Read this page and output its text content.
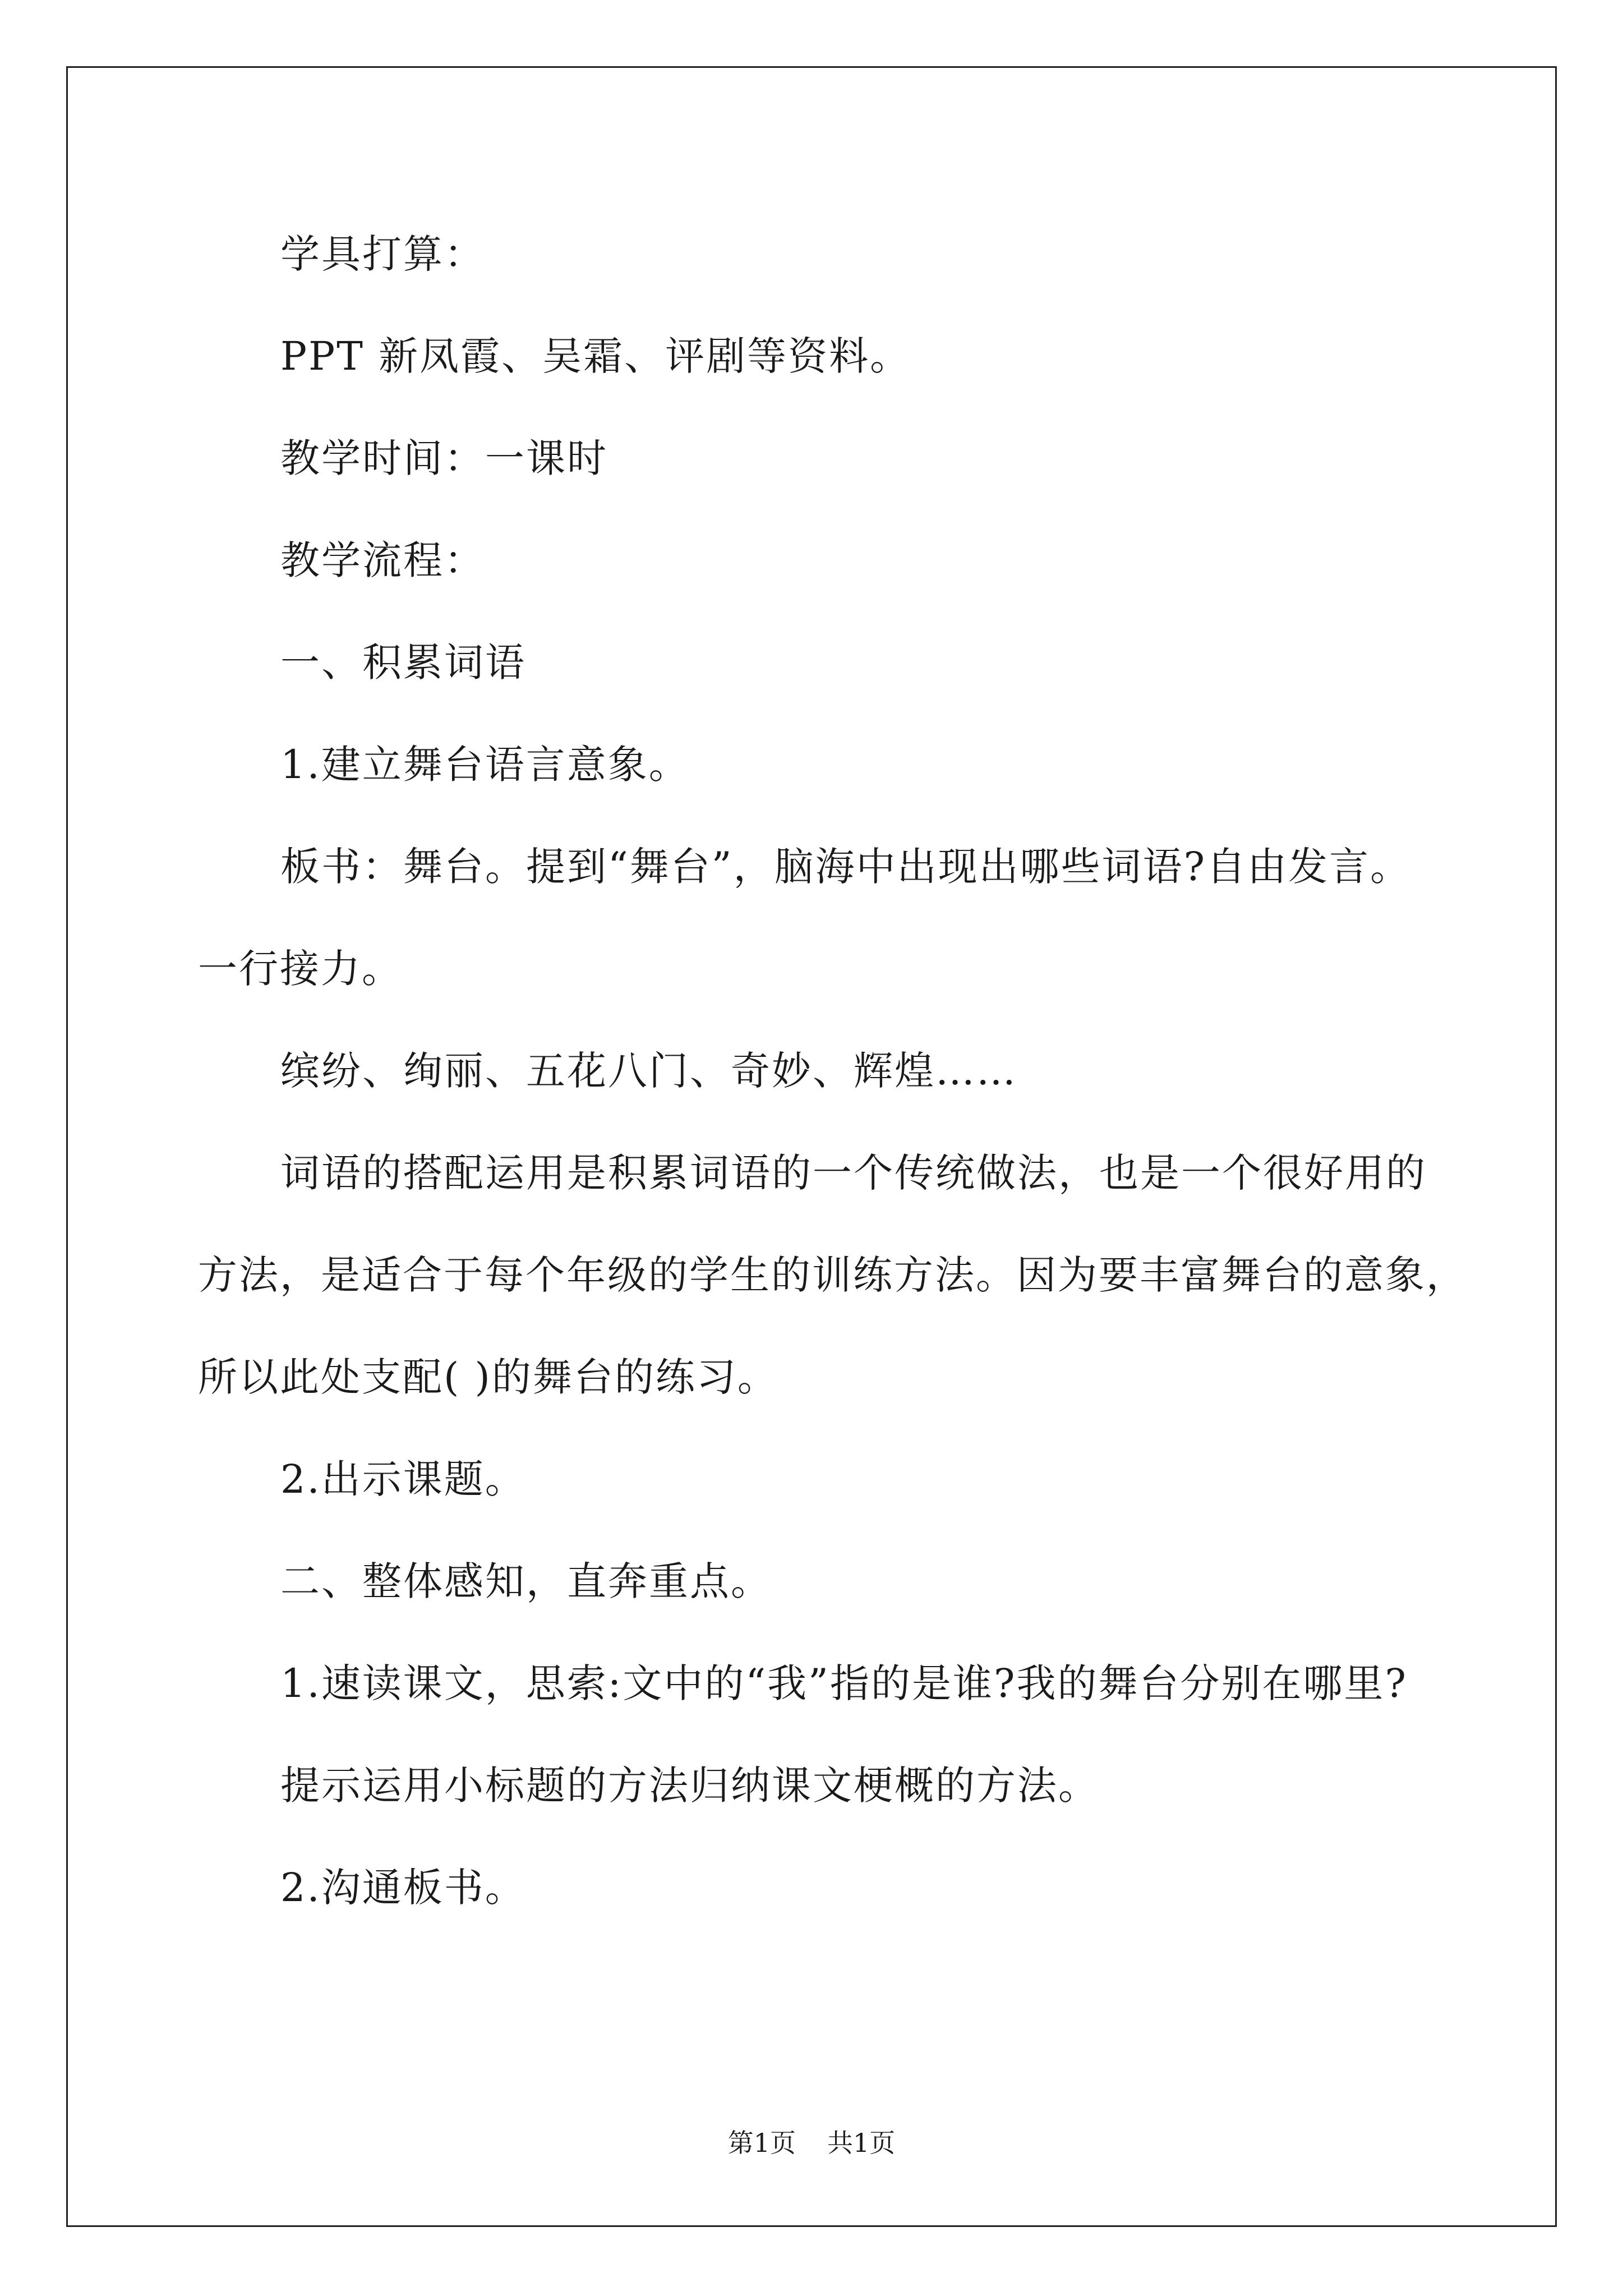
学具打算：
PPT 新凤霞、吴霜、评剧等资料。
教学时间：一课时
教学流程：
一、积累词语
1.建立舞台语言意象。
板书：舞台。提到“舞台”，脑海中出现出哪些词语?自由发言。
一行接力。
缤纷、绚丽、五花八门、奇妙、辉煌……
词语的搭配运用是积累词语的一个传统做法，也是一个很好用的
方法，是适合于每个年级的学生的训练方法。因为要丰富舞台的意象，
所以此处支配( )的舞台的练习。
2.出示课题。
二、整体感知，直奔重点。
1.速读课文，思索:文中的“我”指的是谁?我的舞台分别在哪里?
提示运用小标题的方法归纳课文梗概的方法。
2.沟通板书。
第1页 共1页
